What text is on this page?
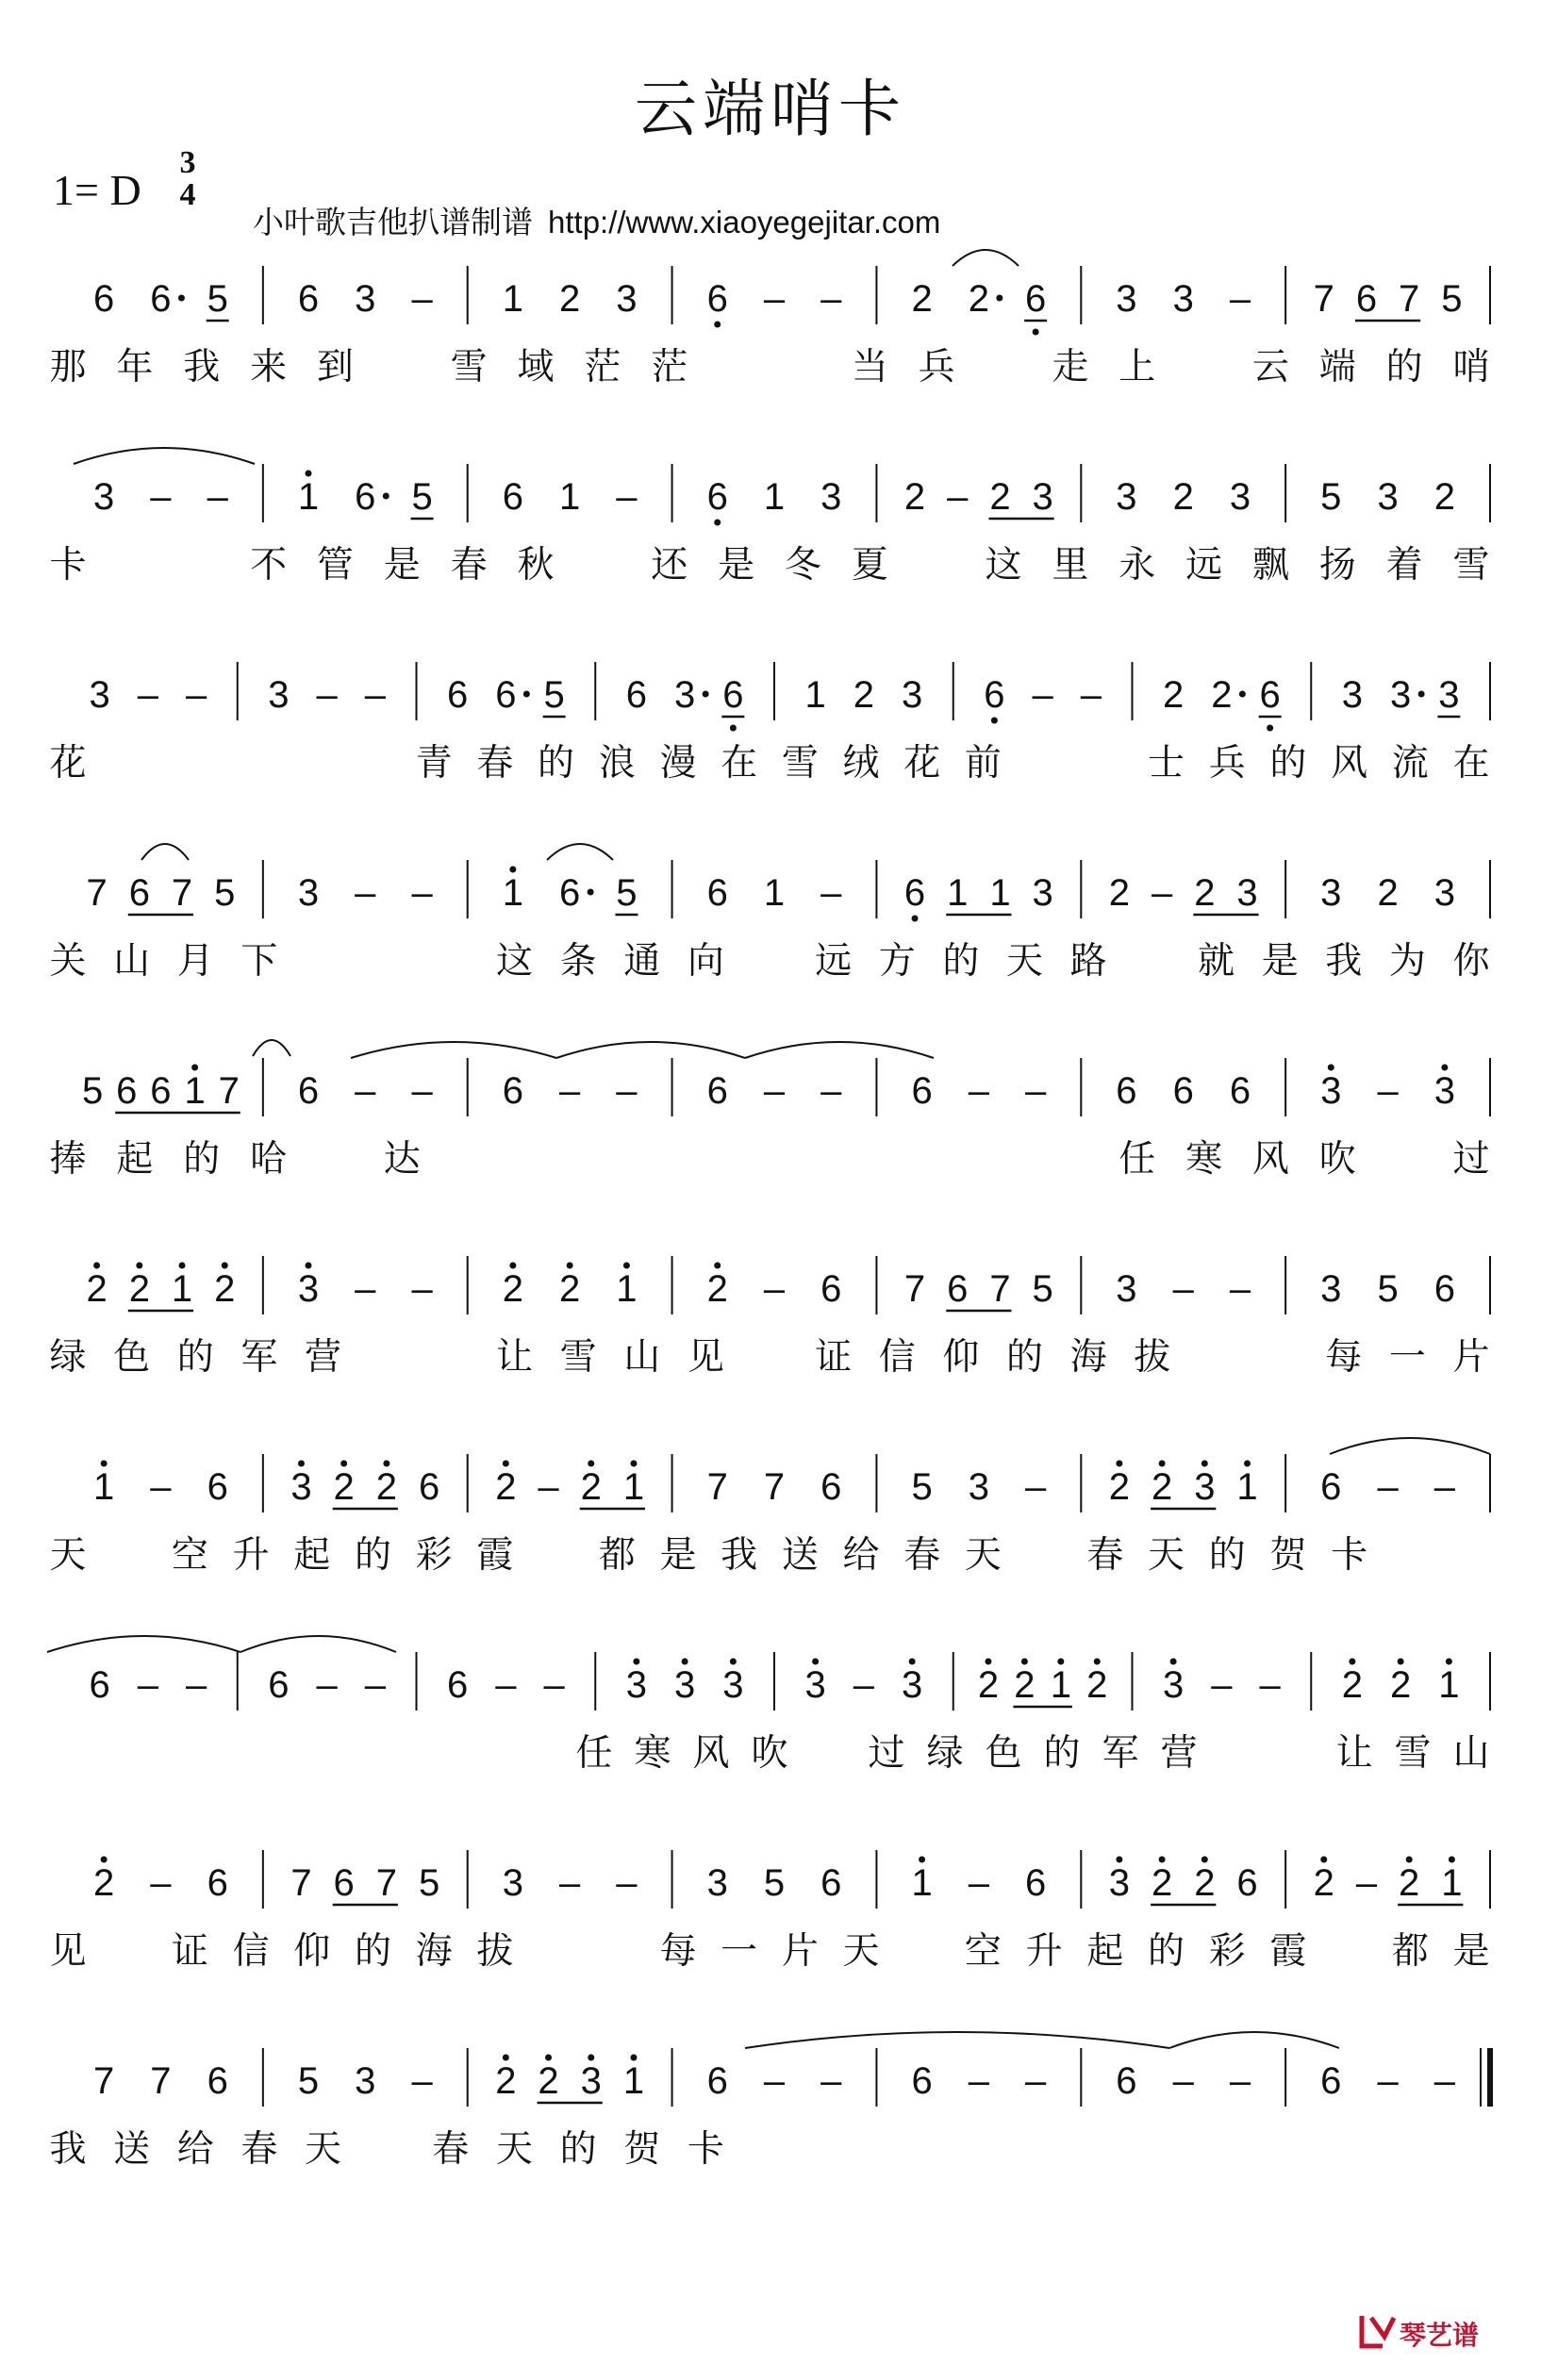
云端哨卡
1= D
3
4
小叶歌吉他扒谱制谱 http://www.xiaoyegejitar.com
6 6 5 6 3 – 1 2 3 6 – – 2 2 6 3 3 – 7 6 7 5
那 年 我 来 到	雪 域 茫 茫	当 兵	走 上	云 端 的 哨
3 – – 1 6 5 6 1 – 6 1 3 2 – 2 3 3 2 3 5 3 2
卡	不 管 是 春 秋	还 是 冬 夏	这 里 永 远 飘 扬 着 雪
3 – – 3 – – 6 6 5 6 3 6 1 2 3 6 – – 2 2 6 3 3 3
花	青 春 的 浪 漫 在 雪 绒 花 前	士 兵 的 风 流 在
7 6 7 5 3 – – 1 6 5 6 1 – 6 1 1 3 2 – 2 3 3 2 3
关 山 月 下	这 条 通 向 远 方 的 天 路 就 是 我 为 你
5 6 6 1 7 6 – – 6 – – 6 – – 6 – – 6 6 6 3 – 3
捧 起 的 哈	达	任 寒 风 吹	过
2 2 1 2 3 – – 2 2 1 2 – 6 7 6 7 5 3 – – 3 5 6
绿 色 的 军 营	让 雪 山 见 证 信 仰 的 海 拔	每 一 片
1 – 6 3 2 2 6 2 – 2 1 7 7 6 5 3 – 2 2 3 1 6 – –
天 空 升 起 的 彩 霞 都 是 我 送 给 春 天 春 天 的 贺 卡
6 – – 6 – – 6 – – 3 3 3 3 – 3 2 2 1 2 3 – – 2 2 1
任 寒 风 吹 过 绿 色 的 军 营	让 雪 山
2 – 6 7 6 7 5 3 – – 3 5 6 1 – 6 3 2 2 6 2 – 2 1
见 证 信 仰 的 海 拔	每 一 片 天 空 升 起 的 彩 霞 都 是
7 7 6 5 3 – 2 2 3 1 6 – – 6 – – 6 – – 6 – –
我 送 给 春 天 春 天 的 贺 卡
琴艺谱
